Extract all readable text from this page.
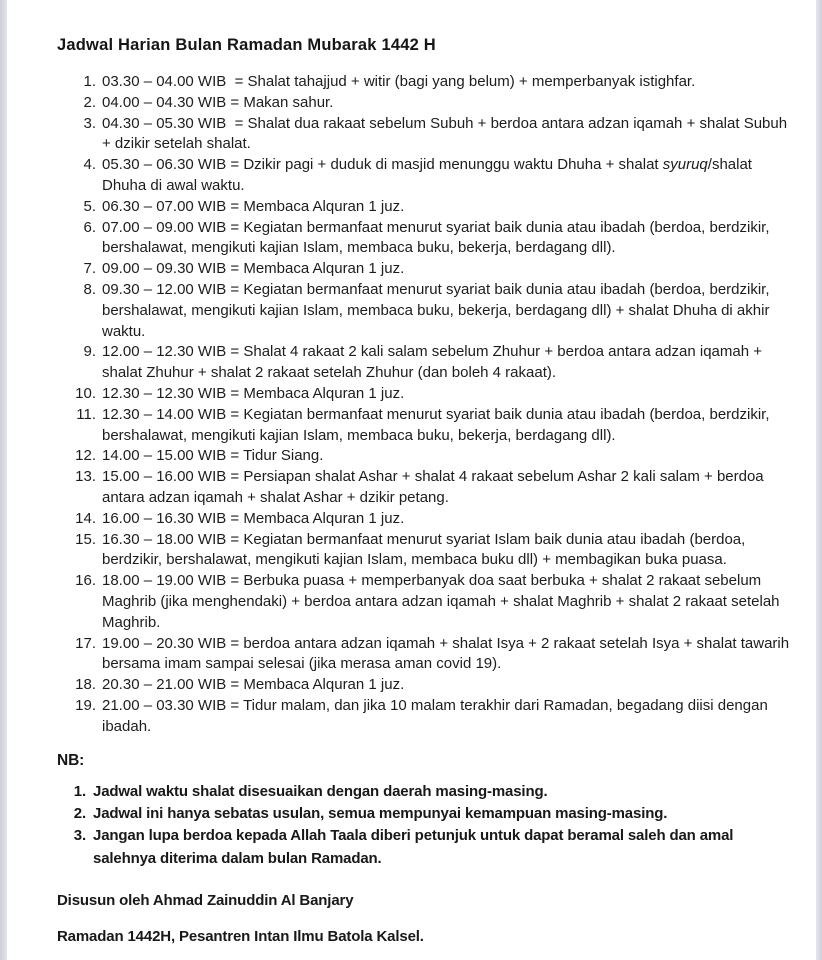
Jadwal Harian Bulan Ramadan Mubarak 1442 H
1. 03.30 – 04.00 WIB  = Shalat tahajjud + witir (bagi yang belum) + memperbanyak istighfar.
2. 04.00 – 04.30 WIB = Makan sahur.
3. 04.30 – 05.30 WIB  = Shalat dua rakaat sebelum Subuh + berdoa antara adzan iqamah + shalat Subuh + dzikir setelah shalat.
4. 05.30 – 06.30 WIB = Dzikir pagi + duduk di masjid menunggu waktu Dhuha + shalat syuruq/shalat Dhuha di awal waktu.
5. 06.30 – 07.00 WIB = Membaca Alquran 1 juz.
6. 07.00 – 09.00 WIB = Kegiatan bermanfaat menurut syariat baik dunia atau ibadah (berdoa, berdzikir, bershalawat, mengikuti kajian Islam, membaca buku, bekerja, berdagang dll).
7. 09.00 – 09.30 WIB = Membaca Alquran 1 juz.
8. 09.30 – 12.00 WIB = Kegiatan bermanfaat menurut syariat baik dunia atau ibadah (berdoa, berdzikir, bershalawat, mengikuti kajian Islam, membaca buku, bekerja, berdagang dll) + shalat Dhuha di akhir waktu.
9. 12.00 – 12.30 WIB = Shalat 4 rakaat 2 kali salam sebelum Zhuhur + berdoa antara adzan iqamah + shalat Zhuhur + shalat 2 rakaat setelah Zhuhur (dan boleh 4 rakaat).
10. 12.30 – 12.30 WIB = Membaca Alquran 1 juz.
11. 12.30 – 14.00 WIB = Kegiatan bermanfaat menurut syariat baik dunia atau ibadah (berdoa, berdzikir, bershalawat, mengikuti kajian Islam, membaca buku, bekerja, berdagang dll).
12. 14.00 – 15.00 WIB = Tidur Siang.
13. 15.00 – 16.00 WIB = Persiapan shalat Ashar + shalat 4 rakaat sebelum Ashar 2 kali salam + berdoa antara adzan iqamah + shalat Ashar + dzikir petang.
14. 16.00 – 16.30 WIB = Membaca Alquran 1 juz.
15. 16.30 – 18.00 WIB = Kegiatan bermanfaat menurut syariat Islam baik dunia atau ibadah (berdoa, berdzikir, bershalawat, mengikuti kajian Islam, membaca buku dll) + membagikan buka puasa.
16. 18.00 – 19.00 WIB = Berbuka puasa + memperbanyak doa saat berbuka + shalat 2 rakaat sebelum Maghrib (jika menghendaki) + berdoa antara adzan iqamah + shalat Maghrib + shalat 2 rakaat setelah Maghrib.
17. 19.00 – 20.30 WIB = berdoa antara adzan iqamah + shalat Isya + 2 rakaat setelah Isya + shalat tawarih bersama imam sampai selesai (jika merasa aman covid 19).
18. 20.30 – 21.00 WIB = Membaca Alquran 1 juz.
19. 21.00 – 03.30 WIB = Tidur malam, dan jika 10 malam terakhir dari Ramadan, begadang diisi dengan ibadah.
NB:
1. Jadwal waktu shalat disesuaikan dengan daerah masing-masing.
2. Jadwal ini hanya sebatas usulan, semua mempunyai kemampuan masing-masing.
3. Jangan lupa berdoa kepada Allah Taala diberi petunjuk untuk dapat beramal saleh dan amal salehnya diterima dalam bulan Ramadan.

Disusun oleh Ahmad Zainuddin Al Banjary

Ramadan 1442H, Pesantren Intan Ilmu Batola Kalsel.
